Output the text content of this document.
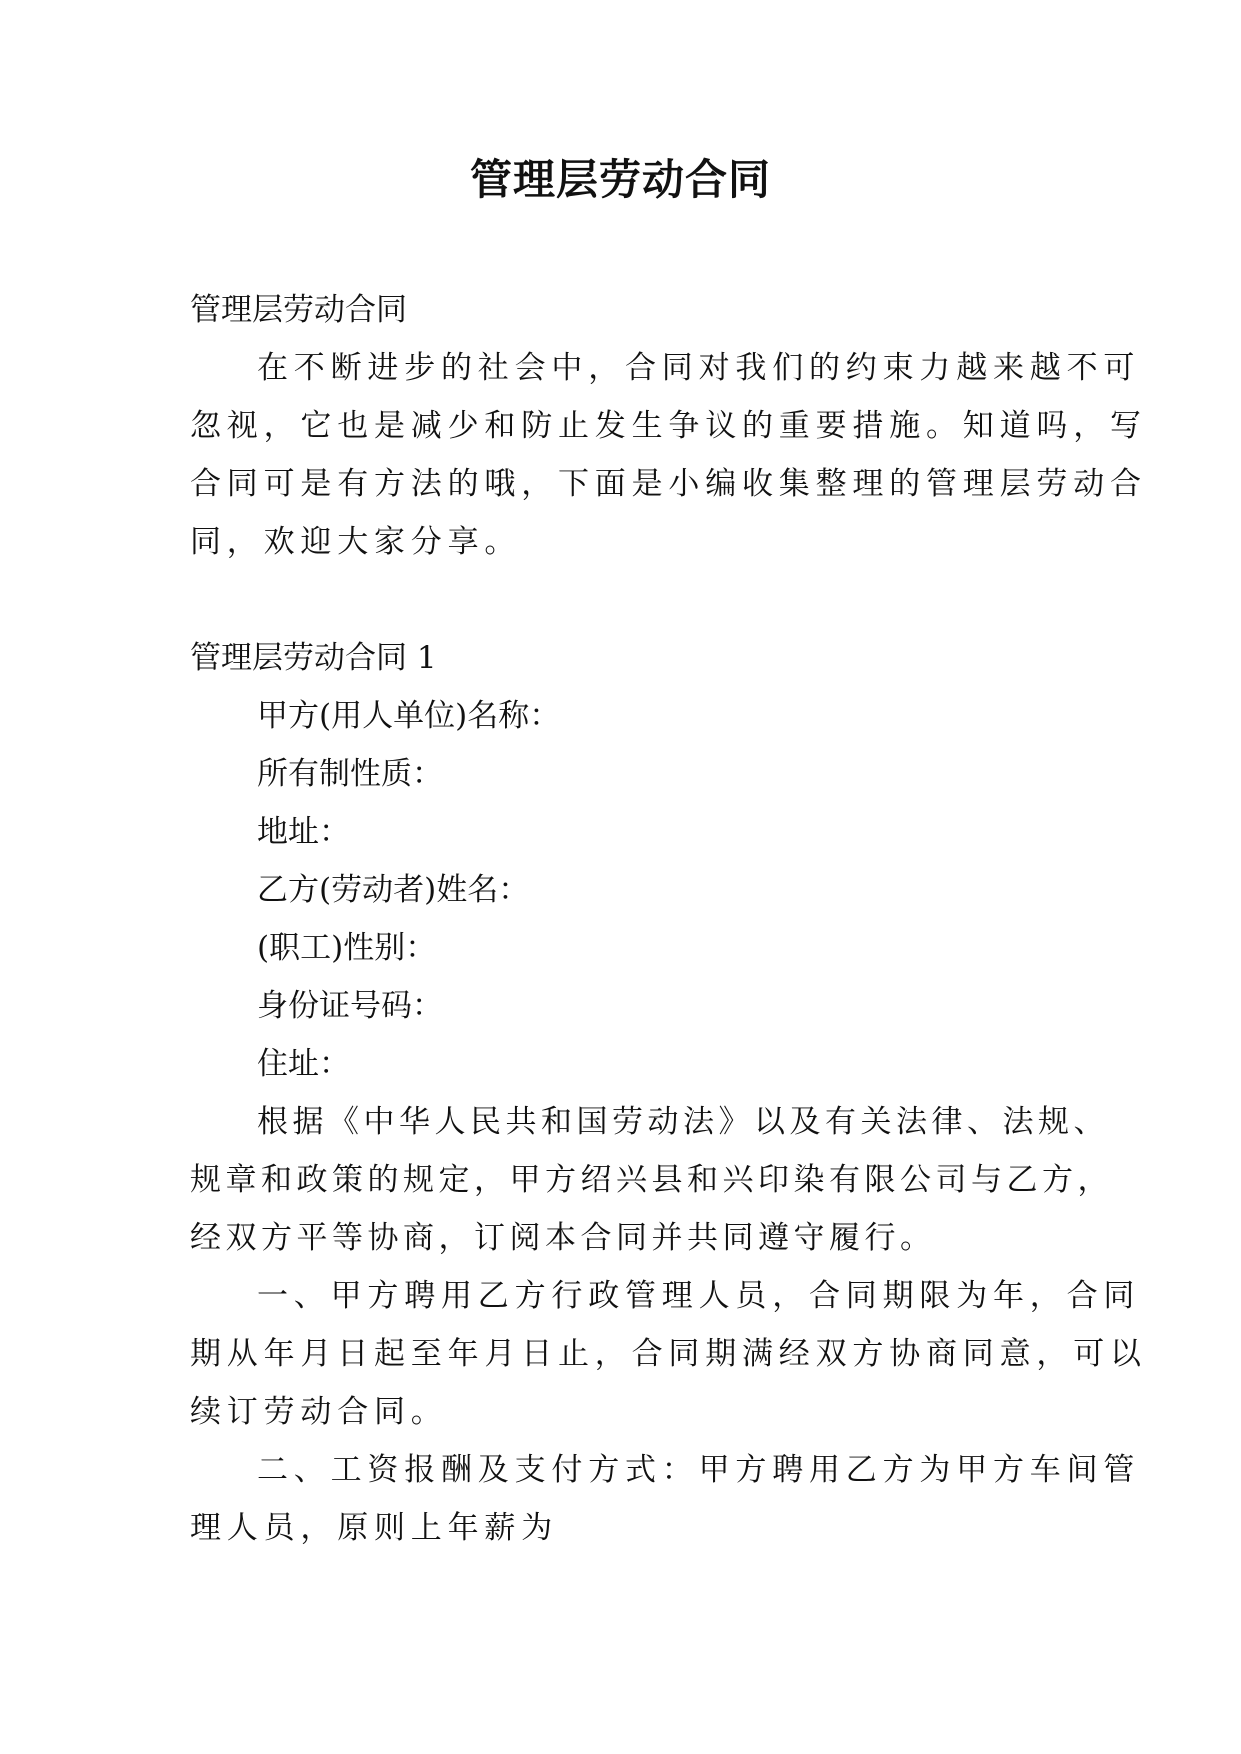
管理层劳动合同
管理层劳动合同
在不断进步的社会中，合同对我们的约束力越来越不可
忽视，它也是减少和防止发生争议的重要措施。知道吗，写
合同可是有方法的哦，下面是小编收集整理的管理层劳动合
同，欢迎大家分享。
管理层劳动合同 1
甲方(用人单位)名称：
所有制性质：
地址：
乙方(劳动者)姓名：
(职工)性别：
身份证号码：
住址：
根据《中华人民共和国劳动法》以及有关法律、法规、
规章和政策的规定，甲方绍兴县和兴印染有限公司与乙方，
经双方平等协商，订阅本合同并共同遵守履行。
一、甲方聘用乙方行政管理人员，合同期限为年，合同
期从年月日起至年月日止，合同期满经双方协商同意，可以
续订劳动合同。
二、工资报酬及支付方式：甲方聘用乙方为甲方车间管
理人员，原则上年薪为
